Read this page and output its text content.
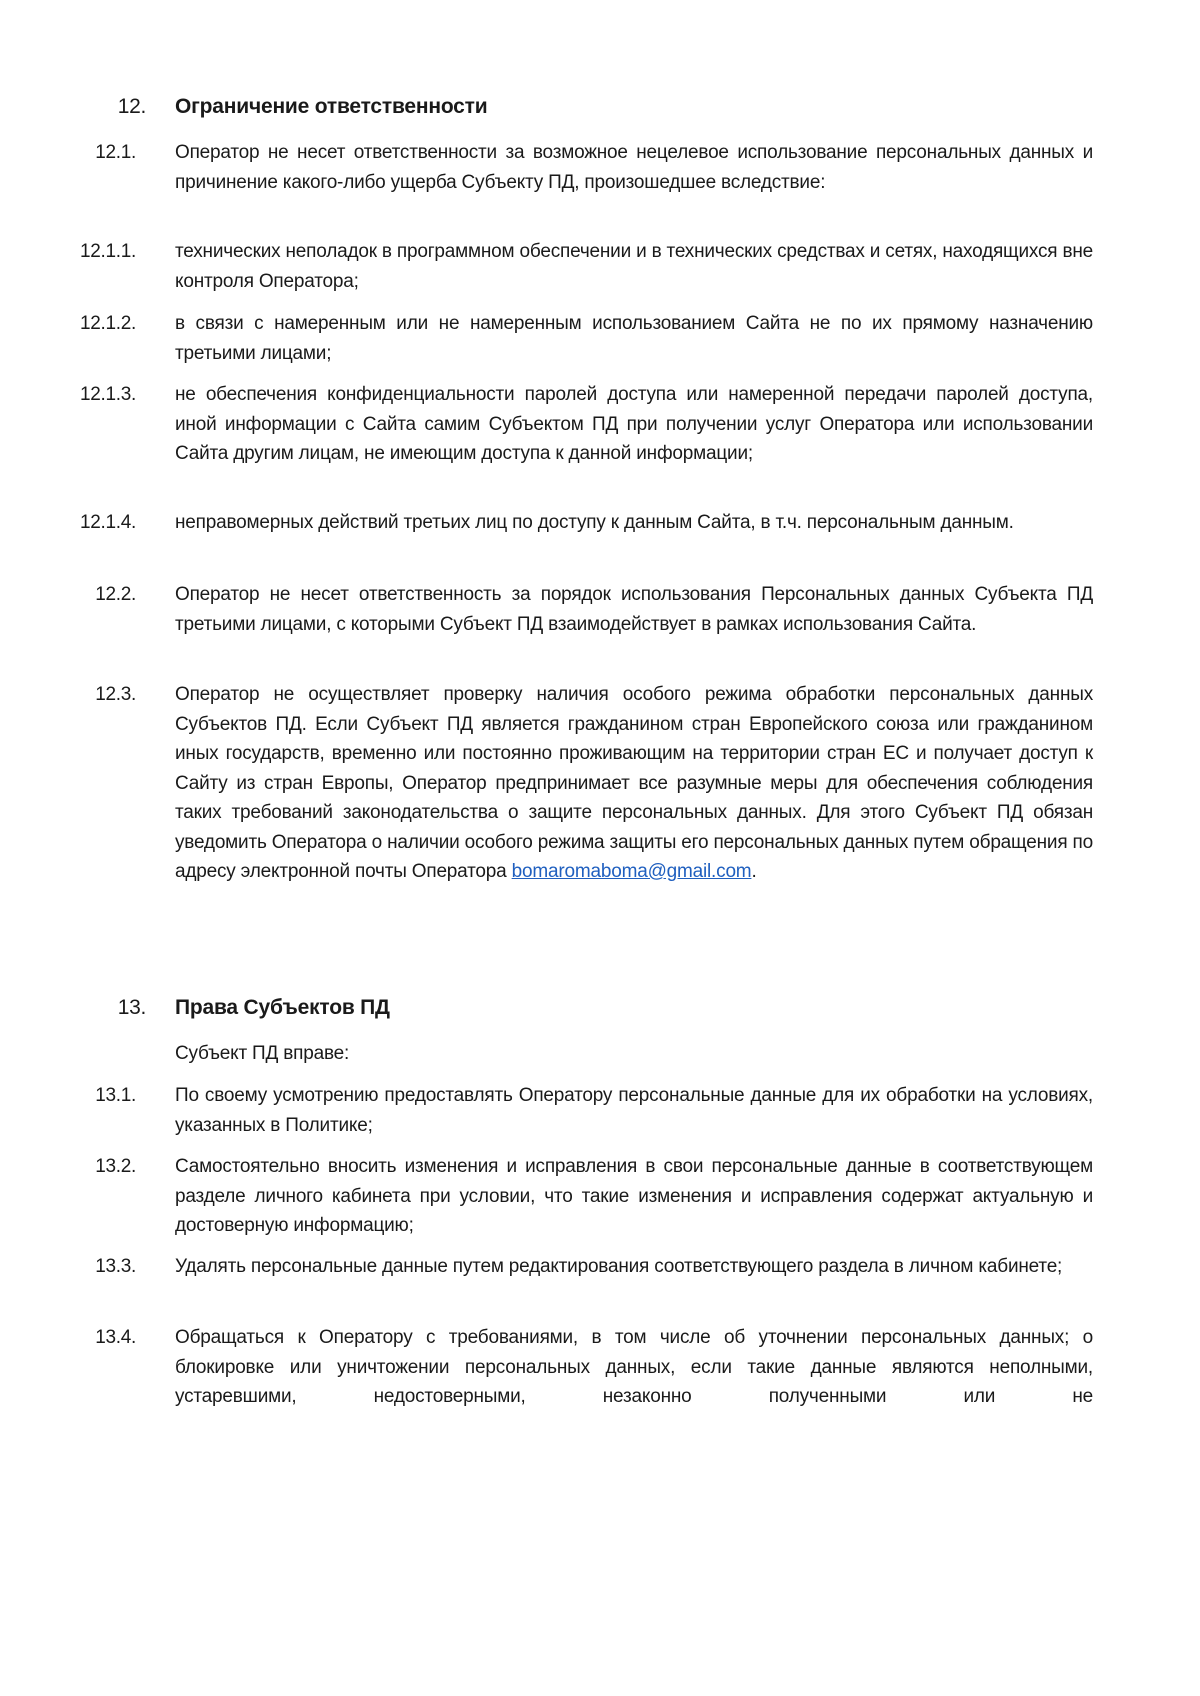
12. Ограничение ответственности
12.1. Оператор не несет ответственности за возможное нецелевое использование персональных данных и причинение какого-либо ущерба Субъекту ПД, произошедшее вследствие:
12.1.1. технических неполадок в программном обеспечении и в технических средствах и сетях, находящихся вне контроля Оператора;
12.1.2. в связи с намеренным или не намеренным использованием Сайта не по их прямому назначению третьими лицами;
12.1.3. не обеспечения конфиденциальности паролей доступа или намеренной передачи паролей доступа, иной информации с Сайта самим Субъектом ПД при получении услуг Оператора или использовании Сайта другим лицам, не имеющим доступа к данной информации;
12.1.4. неправомерных действий третьих лиц по доступу к данным Сайта, в т.ч. персональным данным.
12.2. Оператор не несет ответственность за порядок использования Персональных данных Субъекта ПД третьими лицами, с которыми Субъект ПД взаимодействует в рамках использования Сайта.
12.3. Оператор не осуществляет проверку наличия особого режима обработки персональных данных Субъектов ПД. Если Субъект ПД является гражданином стран Европейского союза или гражданином иных государств, временно или постоянно проживающим на территории стран ЕС и получает доступ к Сайту из стран Европы, Оператор предпринимает все разумные меры для обеспечения соблюдения таких требований законодательства о защите персональных данных. Для этого Субъект ПД обязан уведомить Оператора о наличии особого режима защиты его персональных данных путем обращения по адресу электронной почты Оператора bomaromaboma@gmail.com.
13. Права Субъектов ПД
Субъект ПД вправе:
13.1. По своему усмотрению предоставлять Оператору персональные данные для их обработки на условиях, указанных в Политике;
13.2. Самостоятельно вносить изменения и исправления в свои персональные данные в соответствующем разделе личного кабинета при условии, что такие изменения и исправления содержат актуальную и достоверную информацию;
13.3. Удалять персональные данные путем редактирования соответствующего раздела в личном кабинете;
13.4. Обращаться к Оператору с требованиями, в том числе об уточнении персональных данных; о блокировке или уничтожении персональных данных, если такие данные являются неполными, устаревшими, недостоверными, незаконно полученными или не
